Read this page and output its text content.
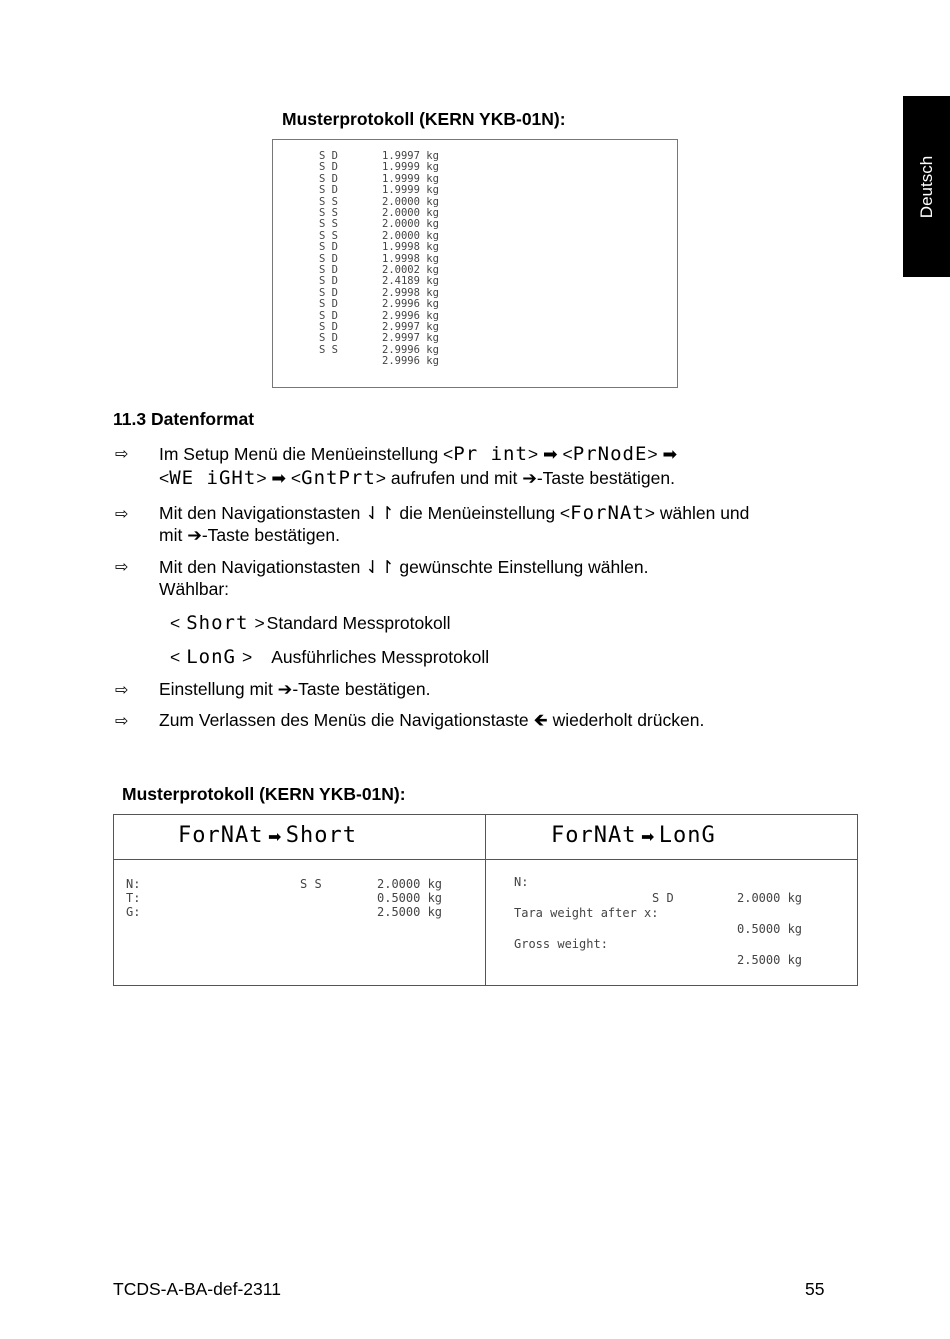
Deutsch
Musterprotokoll (KERN YKB-01N):
S D	1.9997 kg
S D	1.9999 kg
S D	1.9999 kg
S D	1.9999 kg
S S	2.0000 kg
S S	2.0000 kg
S S	2.0000 kg
S S	2.0000 kg
S D	1.9998 kg
S D	1.9998 kg
S D	2.0002 kg
S D	2.4189 kg
S D	2.9998 kg
S D	2.9996 kg
S D	2.9996 kg
S D	2.9997 kg
S D	2.9997 kg
S S	2.9996 kg
2.9996 kg
11.3 Datenformat
⇨ Im Setup Menü die Menüeinstellung <Pr int> ➡ <PrNodE> ➡
<WE iGHt> ➡ <GntPrt> aufrufen und mit ➔-Taste bestätigen.
⇨ Mit den Navigationstasten ⇃↾ die Menüeinstellung <ForNAt> wählen und
mit ➔-Taste bestätigen.
⇨ Mit den Navigationstasten ⇃↾ gewünschte Einstellung wählen.
Wählbar:
< Short > Standard Messprotokoll
< LonG > Ausführliches Messprotokoll
⇨ Einstellung mit ➔-Taste bestätigen.
⇨ Zum Verlassen des Menüs die Navigationstaste 🡸 wiederholt drücken.
Musterprotokoll (KERN YKB-01N):
ForNAt ➡ Short	ForNAt ➡ LonG
N:	S S	2.0000 kg
T:	0.5000 kg
G:	2.5000 kg
N:
S D	2.0000 kg
Tara weight after x:
0.5000 kg
Gross weight:
2.5000 kg
TCDS-A-BA-def-2311	55
